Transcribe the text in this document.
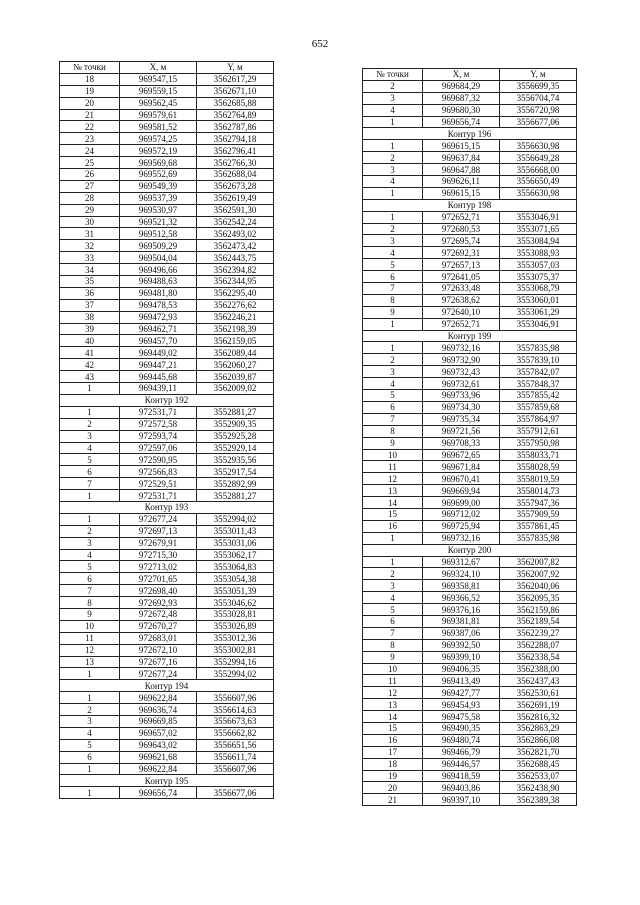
652
№ точки	X, м	Y, м
18	969547,15	3562617,29
19	969559,15	3562671,10
20	969562,45	3562685,88
21	969579,61	3562764,89
22	969581,52	3562787,86
23	969574,25	3562794,18
24	969572,19	3562796,41
25	969569,68	3562766,30
26	969552,69	3562688,04
27	969549,39	3562673,28
28	969537,39	3562619,49
29	969530,97	3562591,30
30	969521,32	3562542,24
31	969512,58	3562493,02
32	969509,29	3562473,42
33	969504,04	3562443,75
34	969496,66	3562394,82
35	969488,63	3562344,95
36	969481,80	3562295,40
37	969478,53	3562276,62
38	969472,93	3562246,21
39	969462,71	3562198,39
40	969457,70	3562159,05
41	969449,02	3562089,44
42	969447,21	3562060,27
43	969445,68	3562039,87
1	969439,11	3562009,02
Контур 192		
1	972531,71	3552881,27
2	972572,58	3552909,35
3	972593,74	3552925,28
4	972597,06	3552929,14
5	972590,95	3552935,56
6	972566,83	3552917,54
7	972529,51	3552892,99
1	972531,71	3552881,27
Контур 193		
1	972677,24	3552994,02
2	972697,13	3553011,43
3	972679,91	3553031,06
4	972715,30	3553062,17
5	972713,02	3553064,83
6	972701,65	3553054,38
7	972698,40	3553051,39
8	972692,93	3553046,62
9	972672,48	3553028,81
10	972670,27	3553026,89
11	972683,01	3553012,36
12	972672,10	3553002,81
13	972677,16	3552994,16
1	972677,24	3552994,02
Контур 194		
1	969622,84	3556607,96
2	969636,74	3556614,63
3	969669,85	3556673,63
4	969657,02	3556662,82
5	969643,02	3556651,56
6	969621,68	3556611,74
1	969622,84	3556607,96
Контур 195		
1	969656,74	3556677,06
№ точки	X, м	Y, м
2	969684,29	3556699,35
3	969687,32	3556704,74
4	969680,30	3556720,98
1	969656,74	3556677,06
Контур 196		
1	969615,15	3556630,98
2	969637,84	3556649,28
3	969647,88	3556668,00
4	969626,11	3556650,49
1	969615,15	3556630,98
Контур 198		
1	972652,71	3553046,91
2	972680,53	3553071,65
3	972695,74	3553084,94
4	972692,31	3553088,93
5	972657,13	3553057,03
6	972641,05	3553075,37
7	972633,48	3553068,79
8	972638,62	3553060,01
9	972640,10	3553061,29
1	972652,71	3553046,91
Контур 199		
1	969732,16	3557835,98
2	969732,90	3557839,10
3	969732,43	3557842,07
4	969732,61	3557848,37
5	969733,96	3557855,42
6	969734,30	3557859,68
7	969735,34	3557864,97
8	969721,56	3557912,61
9	969708,33	3557950,98
10	969672,65	3558033,71
11	969671,84	3558028,59
12	969670,41	3558019,59
13	969669,94	3558014,73
14	969699,00	3557947,36
15	969712,02	3557909,59
16	969725,94	3557861,45
1	969732,16	3557835,98
Контур 200		
1	969312,67	3562007,82
2	969324,10	3562007,92
3	969358,81	3562040,06
4	969366,52	3562095,35
5	969376,16	3562159,86
6	969381,81	3562189,54
7	969387,06	3562239,27
8	969392,50	3562288,07
9	969399,10	3562338,54
10	969406,35	3562388,00
11	969413,49	3562437,43
12	969427,77	3562530,61
13	969454,93	3562691,19
14	969475,58	3562816,32
15	969490,35	3562863,29
16	969480,74	3562866,08
17	969466,79	3562821,70
18	969446,57	3562688,45
19	969418,59	3562533,07
20	969403,86	3562438,90
21	969397,10	3562389,38
